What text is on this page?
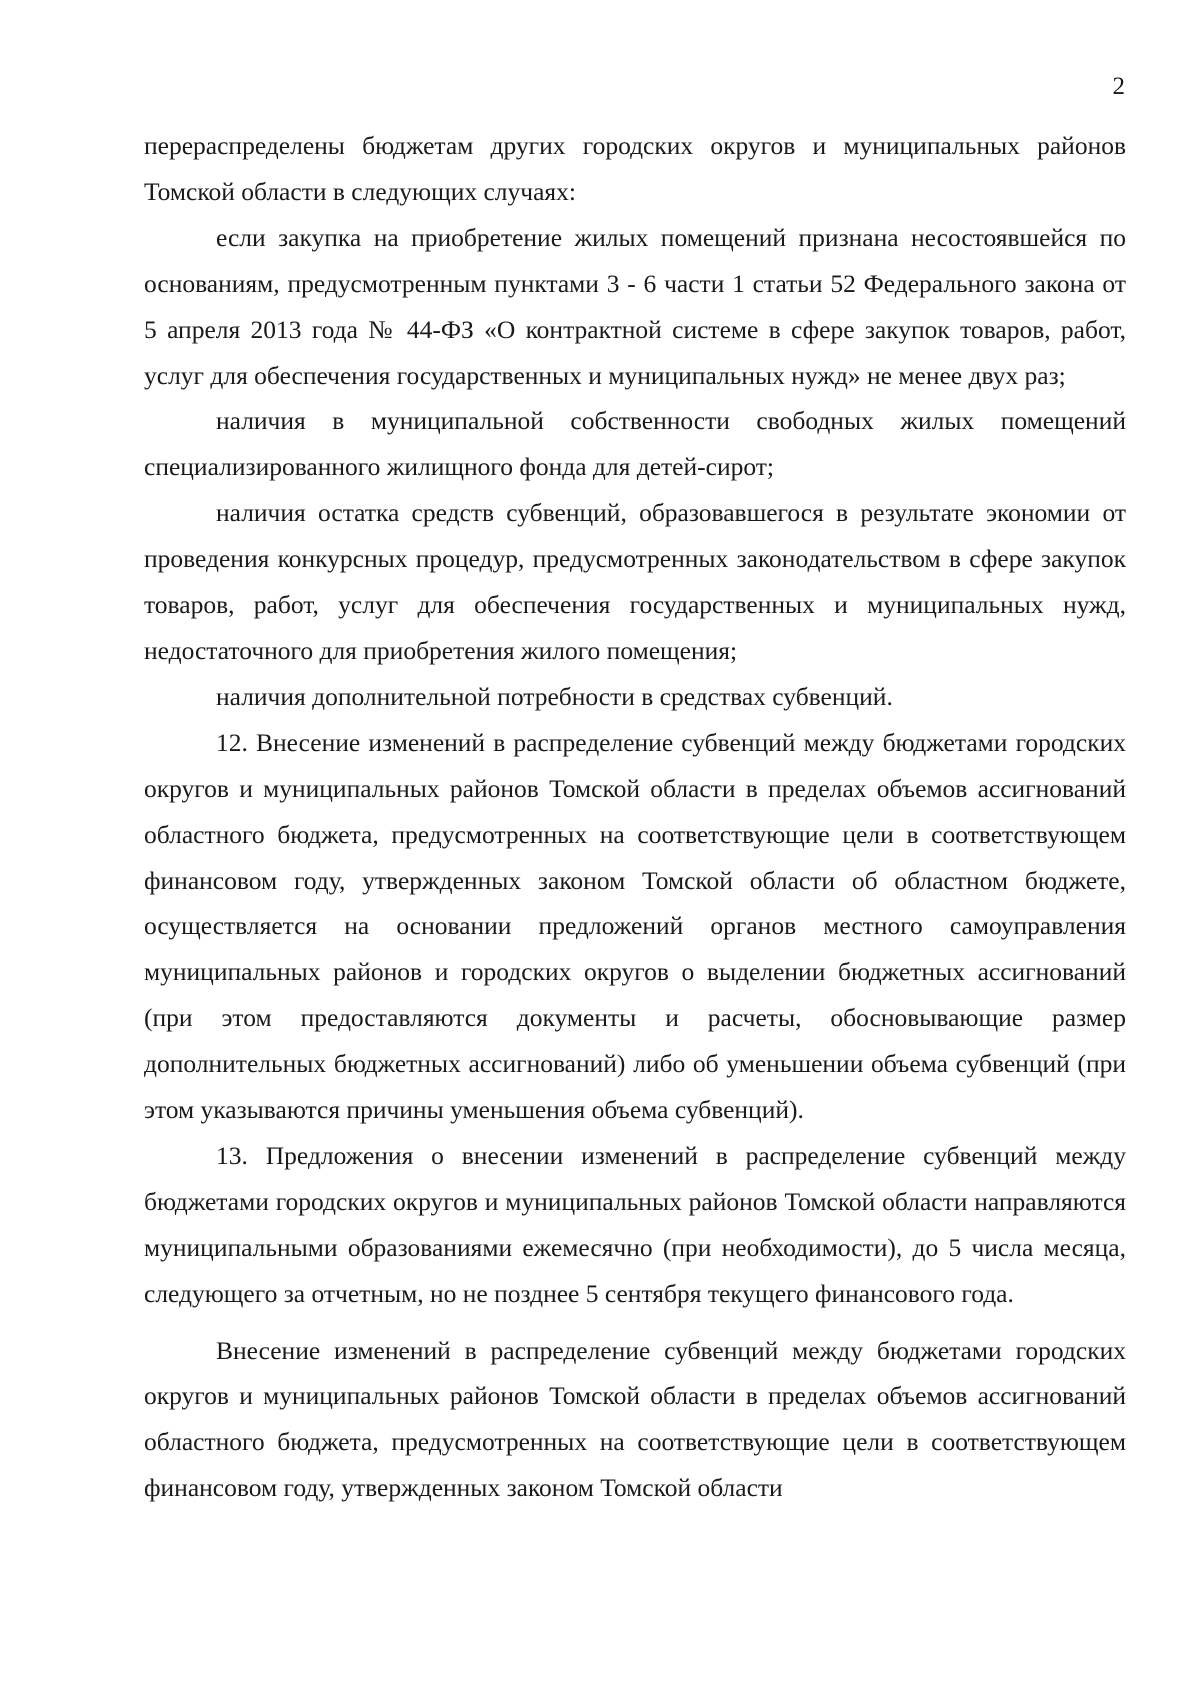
2

перераспределены бюджетам других городских округов и муниципальных районов Томской области в следующих случаях:

если закупка на приобретение жилых помещений признана несостоявшейся по основаниям, предусмотренным пунктами 3 - 6 части 1 статьи 52 Федерального закона от 5 апреля 2013 года № 44-ФЗ «О контрактной системе в сфере закупок товаров, работ, услуг для обеспечения государственных и муниципальных нужд» не менее двух раз;

наличия в муниципальной собственности свободных жилых помещений специализированного жилищного фонда для детей-сирот;

наличия остатка средств субвенций, образовавшегося в результате экономии от проведения конкурсных процедур, предусмотренных законодательством в сфере закупок товаров, работ, услуг для обеспечения государственных и муниципальных нужд, недостаточного для приобретения жилого помещения;

наличия дополнительной потребности в средствах субвенций.

12. Внесение изменений в распределение субвенций между бюджетами городских округов и муниципальных районов Томской области в пределах объемов ассигнований областного бюджета, предусмотренных на соответствующие цели в соответствующем финансовом году, утвержденных законом Томской области об областном бюджете, осуществляется на основании предложений органов местного самоуправления муниципальных районов и городских округов о выделении бюджетных ассигнований (при этом предоставляются документы и расчеты, обосновывающие размер дополнительных бюджетных ассигнований) либо об уменьшении объема субвенций (при этом указываются причины уменьшения объема субвенций).

13. Предложения о внесении изменений в распределение субвенций между бюджетами городских округов и муниципальных районов Томской области направляются муниципальными образованиями ежемесячно (при необходимости), до 5 числа месяца, следующего за отчетным, но не позднее 5 сентября текущего финансового года.

Внесение изменений в распределение субвенций между бюджетами городских округов и муниципальных районов Томской области в пределах объемов ассигнований областного бюджета, предусмотренных на соответствующие цели в соответствующем финансовом году, утвержденных законом Томской области
